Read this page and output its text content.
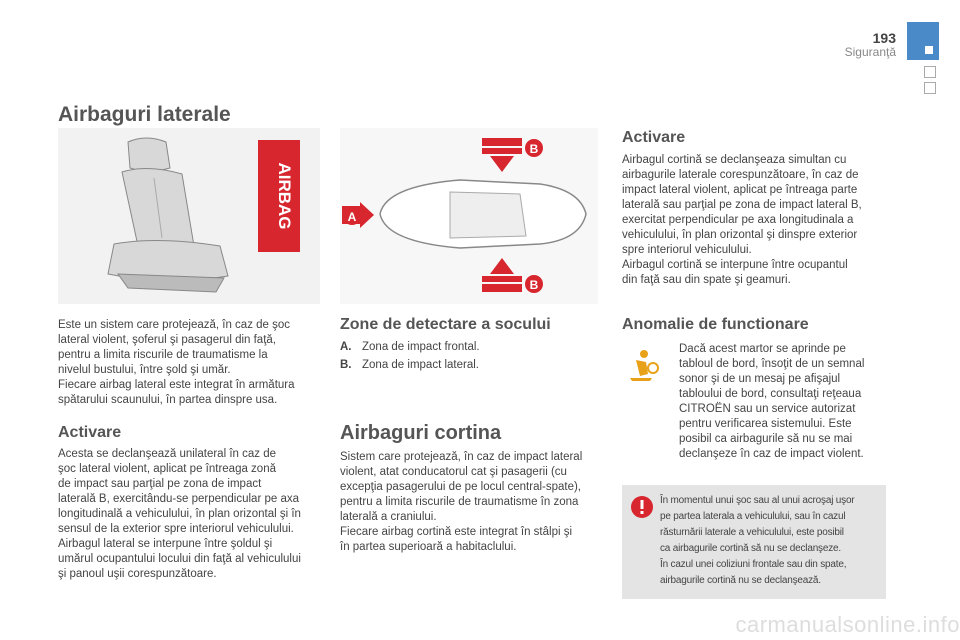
193
Siguranţă
Airbaguri laterale
AIRBAG
B
B
A

Este un sistem care protejează, în caz de şoc

lateral violent, şoferul şi pasagerul din faţă,

pentru a limita riscurile de traumatisme la

nivelul bustului, între şold şi umăr.

Fiecare airbag lateral este integrat în armătura

spătarului scaunului, în partea dinspre usa.

Activare

Acesta se declanşează unilateral în caz de

şoc lateral violent, aplicat pe întreaga zonă

de impact sau parţial pe zona de impact

laterală B, exercitându-se perpendicular pe axa

longitudinală a vehiculului, în plan orizontal şi în

sensul de la exterior spre interiorul vehiculului.

Airbagul lateral se interpune între şoldul şi

umărul ocupantului locului din faţă al vehiculului

şi panoul uşii corespunzătoare.

Zone de detectare a socului
A. Zona de impact frontal.
B. Zona de impact lateral.
Airbaguri cortina

Sistem care protejează, în caz de impact lateral

violent, atat conducatorul cat şi pasagerii (cu

excepţia pasagerului de pe locul central-spate),

pentru a limita riscurile de traumatisme în zona

laterală a craniului.

Fiecare airbag cortină este integrat în stâlpi şi

în partea superioară a habitaclului.

Activare

Airbagul cortină se declanşeaza simultan cu

airbagurile laterale corespunzătoare, în caz de

impact lateral violent, aplicat pe întreaga parte

laterală sau parţial pe zona de impact lateral B,

exercitat perpendicular pe axa longitudinala a

vehiculului, în plan orizontal şi dinspre exterior

spre interiorul vehiculului.

Airbagul cortină se interpune între ocupantul

din faţă sau din spate şi geamuri.

Anomalie de functionare

Dacă acest martor se aprinde pe

tabloul de bord, însoţit de un semnal

sonor şi de un mesaj pe afişajul

tabloului de bord, consultaţi reţeaua

CITROËN sau un service autorizat

pentru verificarea sistemului. Este

posibil ca airbagurile să nu se mai

declanşeze în caz de impact violent.

În momentul unui şoc sau al unui acroşaj uşor

pe partea laterala a vehiculului, sau în cazul

răsturnării laterale a vehiculului, este posibil

ca airbagurile cortină să nu se declanşeze.

În cazul unei coliziuni frontale sau din spate,

airbagurile cortină nu se declanşează.

carmanualsonline.info
